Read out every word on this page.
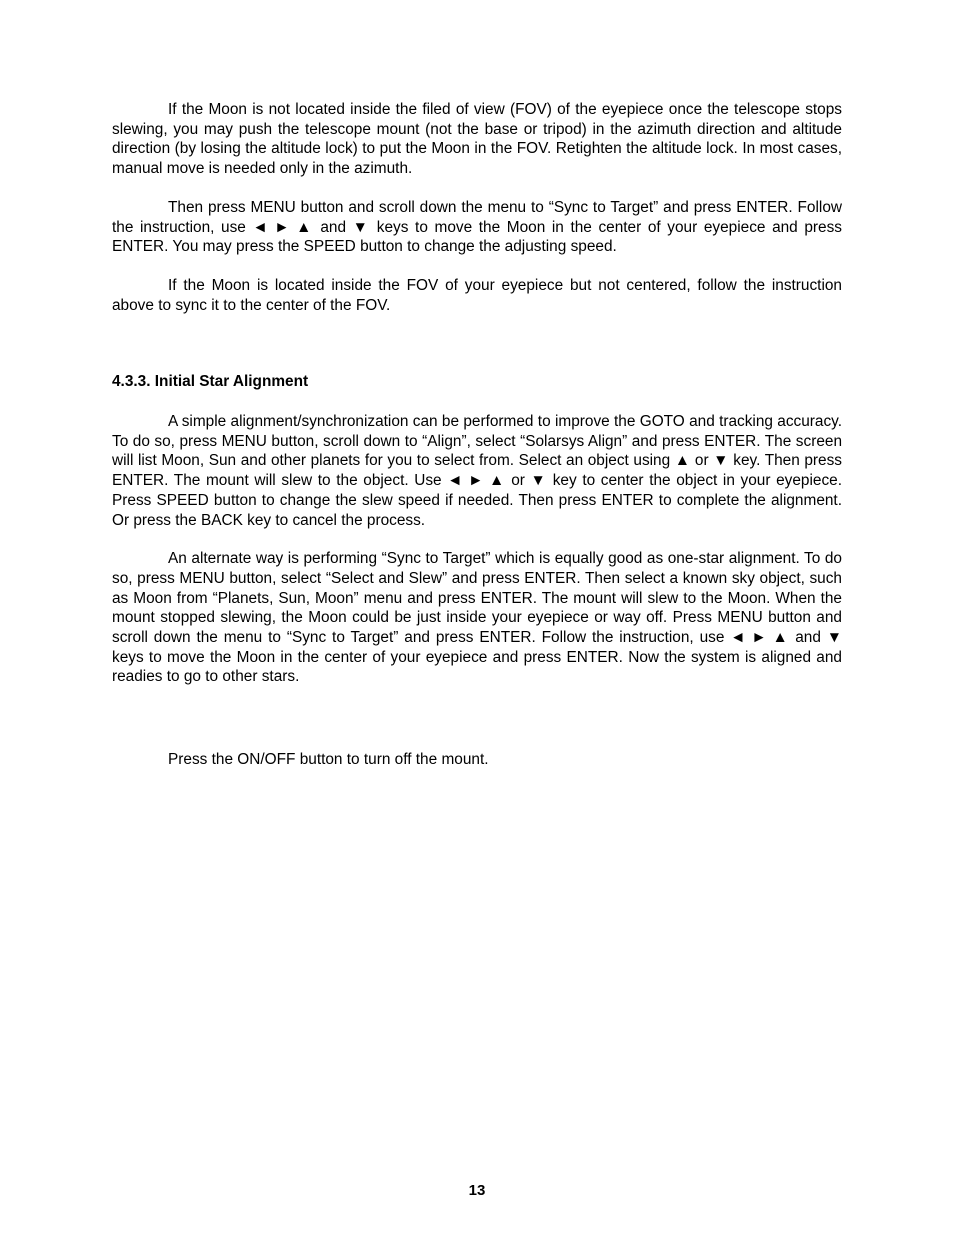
If the Moon is not located inside the filed of view (FOV) of the eyepiece once the telescope stops slewing, you may push the telescope mount (not the base or tripod) in the azimuth direction and altitude direction (by losing the altitude lock) to put the Moon in the FOV. Retighten the altitude lock. In most cases, manual move is needed only in the azimuth.

Then press MENU button and scroll down the menu to “Sync to Target” and press ENTER. Follow the instruction, use ◄ ► ▲ and ▼ keys to move the Moon in the center of your eyepiece and press ENTER. You may press the SPEED button to change the adjusting speed.

If the Moon is located inside the FOV of your eyepiece but not centered, follow the instruction above to sync it to the center of the FOV.

4.3.3. Initial Star Alignment

A simple alignment/synchronization can be performed to improve the GOTO and tracking accuracy. To do so, press MENU button, scroll down to “Align”, select “Solarsys Align” and press ENTER. The screen will list Moon, Sun and other planets for you to select from. Select an object using ▲ or ▼ key. Then press ENTER. The mount will slew to the object. Use ◄ ► ▲ or ▼ key to center the object in your eyepiece. Press SPEED button to change the slew speed if needed. Then press ENTER to complete the alignment. Or press the BACK key to cancel the process.

An alternate way is performing “Sync to Target” which is equally good as one-star alignment. To do so, press MENU button, select “Select and Slew” and press ENTER. Then select a known sky object, such as Moon from “Planets, Sun, Moon” menu and press ENTER. The mount will slew to the Moon. When the mount stopped slewing, the Moon could be just inside your eyepiece or way off. Press MENU button and scroll down the menu to “Sync to Target” and press ENTER. Follow the instruction, use ◄ ► ▲ and ▼ keys to move the Moon in the center of your eyepiece and press ENTER. Now the system is aligned and readies to go to other stars.

Press the ON/OFF button to turn off the mount.

13
